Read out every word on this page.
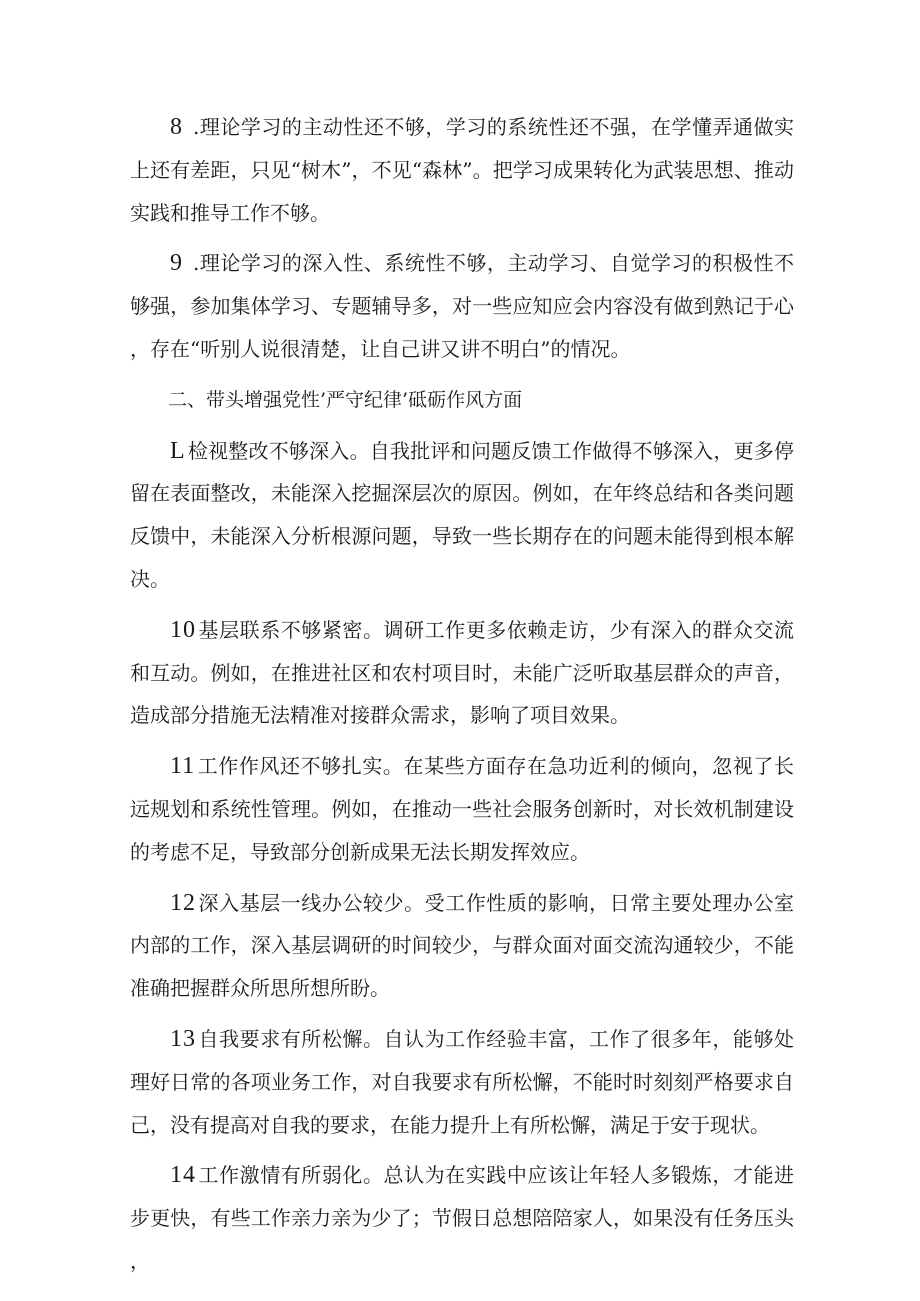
8 .理论学习的主动性还不够，学习的系统性还不强，在学懂弄通做实上还有差距，只见“树木”，不见“森林”。把学习成果转化为武装思想、推动实践和推导工作不够。

9 .理论学习的深入性、系统性不够，主动学习、自觉学习的积极性不够强，参加集体学习、专题辅导多，对一些应知应会内容没有做到熟记于心，存在“听别人说很清楚，让自己讲又讲不明白”的情况。

二、带头增强党性’严守纪律’砥砺作风方面

L 检视整改不够深入。自我批评和问题反馈工作做得不够深入，更多停留在表面整改，未能深入挖掘深层次的原因。例如，在年终总结和各类问题反馈中，未能深入分析根源问题，导致一些长期存在的问题未能得到根本解决。

10 基层联系不够紧密。调研工作更多依赖走访，少有深入的群众交流和互动。例如，在推进社区和农村项目时，未能广泛听取基层群众的声音，造成部分措施无法精准对接群众需求，影响了项目效果。

11 工作作风还不够扎实。在某些方面存在急功近利的倾向，忽视了长远规划和系统性管理。例如，在推动一些社会服务创新时，对长效机制建设的考虑不足，导致部分创新成果无法长期发挥效应。

12 深入基层一线办公较少。受工作性质的影响，日常主要处理办公室内部的工作，深入基层调研的时间较少，与群众面对面交流沟通较少，不能准确把握群众所思所想所盼。

13 自我要求有所松懈。自认为工作经验丰富，工作了很多年，能够处理好日常的各项业务工作，对自我要求有所松懈，不能时时刻刻严格要求自己，没有提高对自我的要求，在能力提升上有所松懈，满足于安于现状。

14 工作激情有所弱化。总认为在实践中应该让年轻人多锻炼，才能进步更快，有些工作亲力亲为少了；节假日总想陪陪家人，如果没有任务压头，
